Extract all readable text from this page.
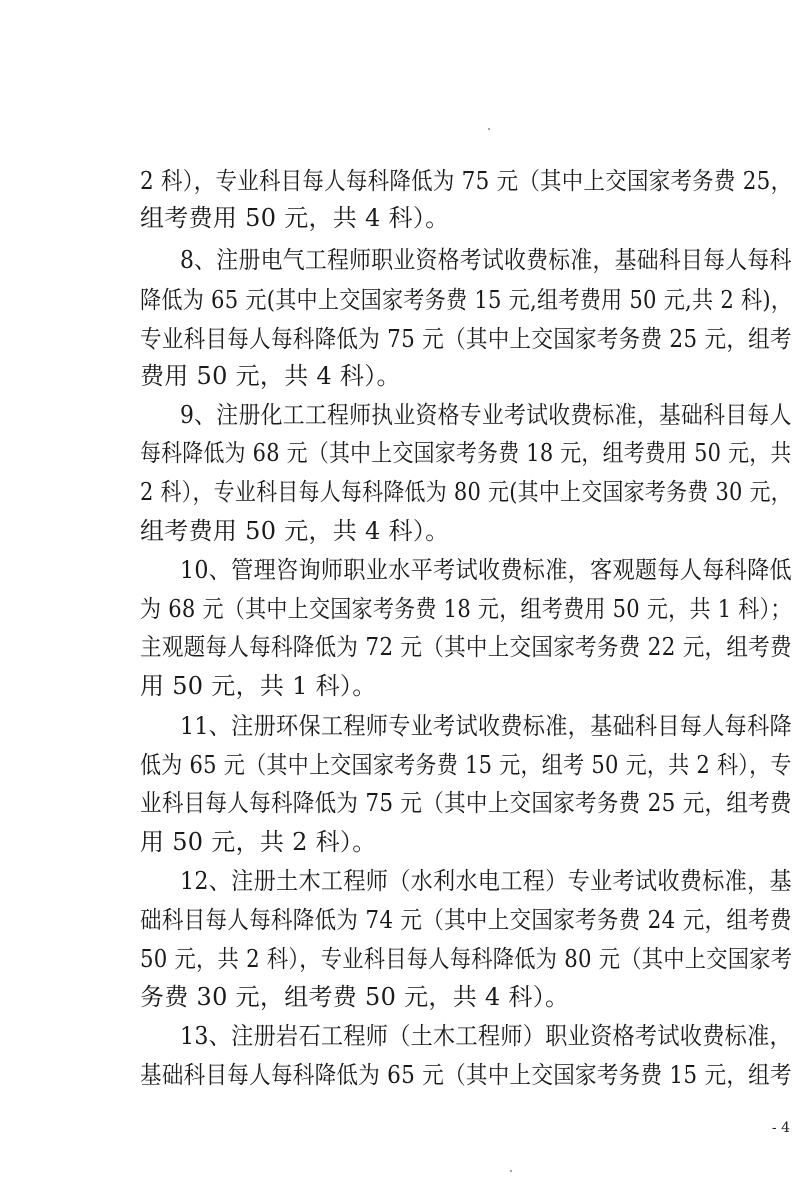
2 科），专业科目每人每科降低为 75 元（其中上交国家考务费 25，
组考费用 50 元，共 4 科）。
8、注册电气工程师职业资格考试收费标准，基础科目每人每科
降低为 65 元(其中上交国家考务费 15 元,组考费用 50 元,共 2 科)，
专业科目每人每科降低为 75 元（其中上交国家考务费 25 元，组考
费用 50 元，共 4 科）。
9、注册化工工程师执业资格专业考试收费标准，基础科目每人
每科降低为 68 元（其中上交国家考务费 18 元，组考费用 50 元，共
2 科），专业科目每人每科降低为 80 元(其中上交国家考务费 30 元，
组考费用 50 元，共 4 科）。
10、管理咨询师职业水平考试收费标准，客观题每人每科降低
为 68 元（其中上交国家考务费 18 元，组考费用 50 元，共 1 科）；
主观题每人每科降低为 72 元（其中上交国家考务费 22 元，组考费
用 50 元，共 1 科）。
11、注册环保工程师专业考试收费标准，基础科目每人每科降
低为 65 元（其中上交国家考务费 15 元，组考 50 元，共 2 科），专
业科目每人每科降低为 75 元（其中上交国家考务费 25 元，组考费
用 50 元，共 2 科）。
12、注册土木工程师（水利水电工程）专业考试收费标准，基
础科目每人每科降低为 74 元（其中上交国家考务费 24 元，组考费
50 元，共 2 科），专业科目每人每科降低为 80 元（其中上交国家考
务费 30 元，组考费 50 元，共 4 科）。
13、注册岩石工程师（土木工程师）职业资格考试收费标准，
基础科目每人每科降低为 65 元（其中上交国家考务费 15 元，组考
- 4
